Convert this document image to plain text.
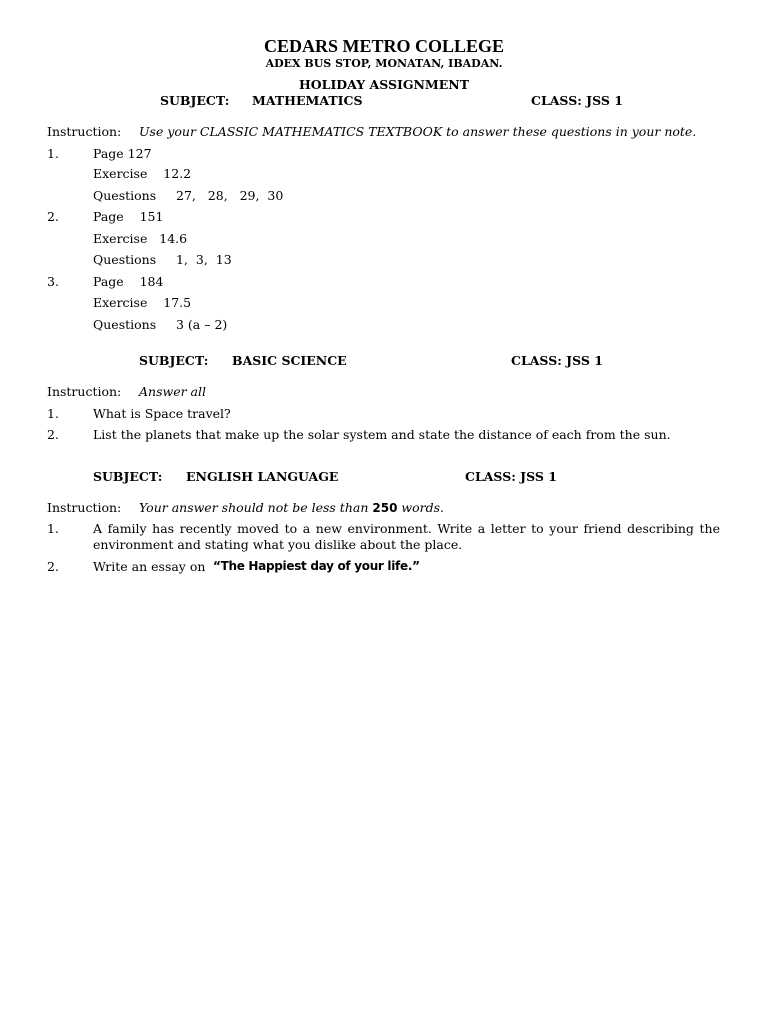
CEDARS METRO COLLEGE
ADEX BUS STOP, MONATAN, IBADAN.
HOLIDAY ASSIGNMENT
SUBJECT: MATHEMATICS	CLASS: JSS 1
Instruction: Use your CLASSIC MATHEMATICS TEXTBOOK to answer these questions in your note.
1.	Page 127
Exercise    12.2
Questions     27,   28,   29,  30
2.	Page    151
Exercise   14.6
Questions     1,  3,  13
3.	Page    184
Exercise    17.5
Questions     3 (a – 2)
SUBJECT: BASIC SCIENCE	CLASS: JSS 1
Instruction: Answer all
1.	What is Space travel?
2.	List the planets that make up the solar system and state the distance of each from the sun.
SUBJECT: ENGLISH LANGUAGE	CLASS: JSS 1
Instruction: Your answer should not be less than 250 words.
1.	A family has recently moved to a new environment. Write a letter to your friend describing the environment and stating what you dislike about the place.
2.	Write an essay on “The Happiest day of your life.”
